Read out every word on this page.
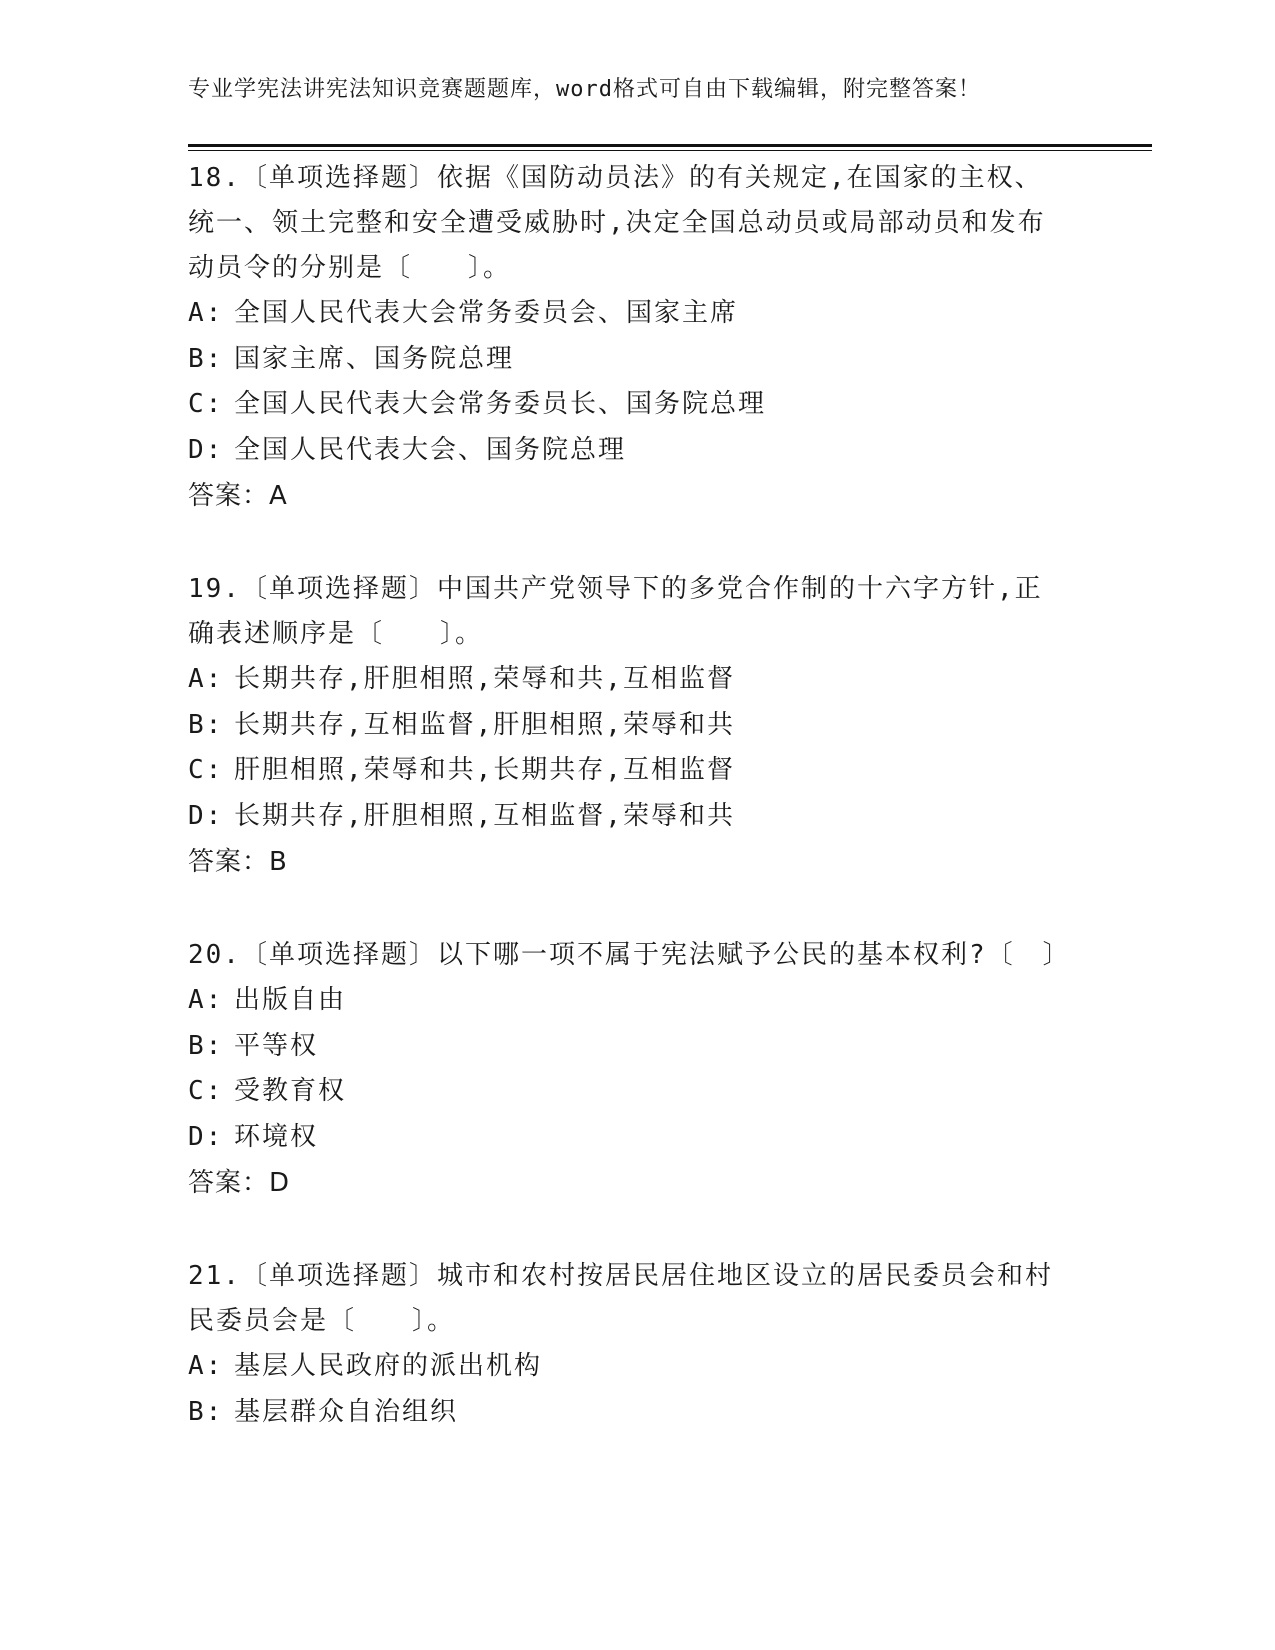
专业学宪法讲宪法知识竞赛题题库，word格式可自由下载编辑，附完整答案！
18.〔单项选择题〕依据《国防动员法》的有关规定,在国家的主权、统一、领土完整和安全遭受威胁时,决定全国总动员或局部动员和发布动员令的分别是〔　　〕。
A: 全国人民代表大会常务委员会、国家主席
B: 国家主席、国务院总理
C: 全国人民代表大会常务委员长、国务院总理
D: 全国人民代表大会、国务院总理
答案：A
19.〔单项选择题〕中国共产党领导下的多党合作制的十六字方针,正确表述顺序是〔　　〕。
A: 长期共存,肝胆相照,荣辱和共,互相监督
B: 长期共存,互相监督,肝胆相照,荣辱和共
C: 肝胆相照,荣辱和共,长期共存,互相监督
D: 长期共存,肝胆相照,互相监督,荣辱和共
答案：B
20.〔单项选择题〕以下哪一项不属于宪法赋予公民的基本权利?〔　〕
A: 出版自由
B: 平等权
C: 受教育权
D: 环境权
答案：D
21.〔单项选择题〕城市和农村按居民居住地区设立的居民委员会和村民委员会是〔　　〕。
A: 基层人民政府的派出机构
B: 基层群众自治组织
